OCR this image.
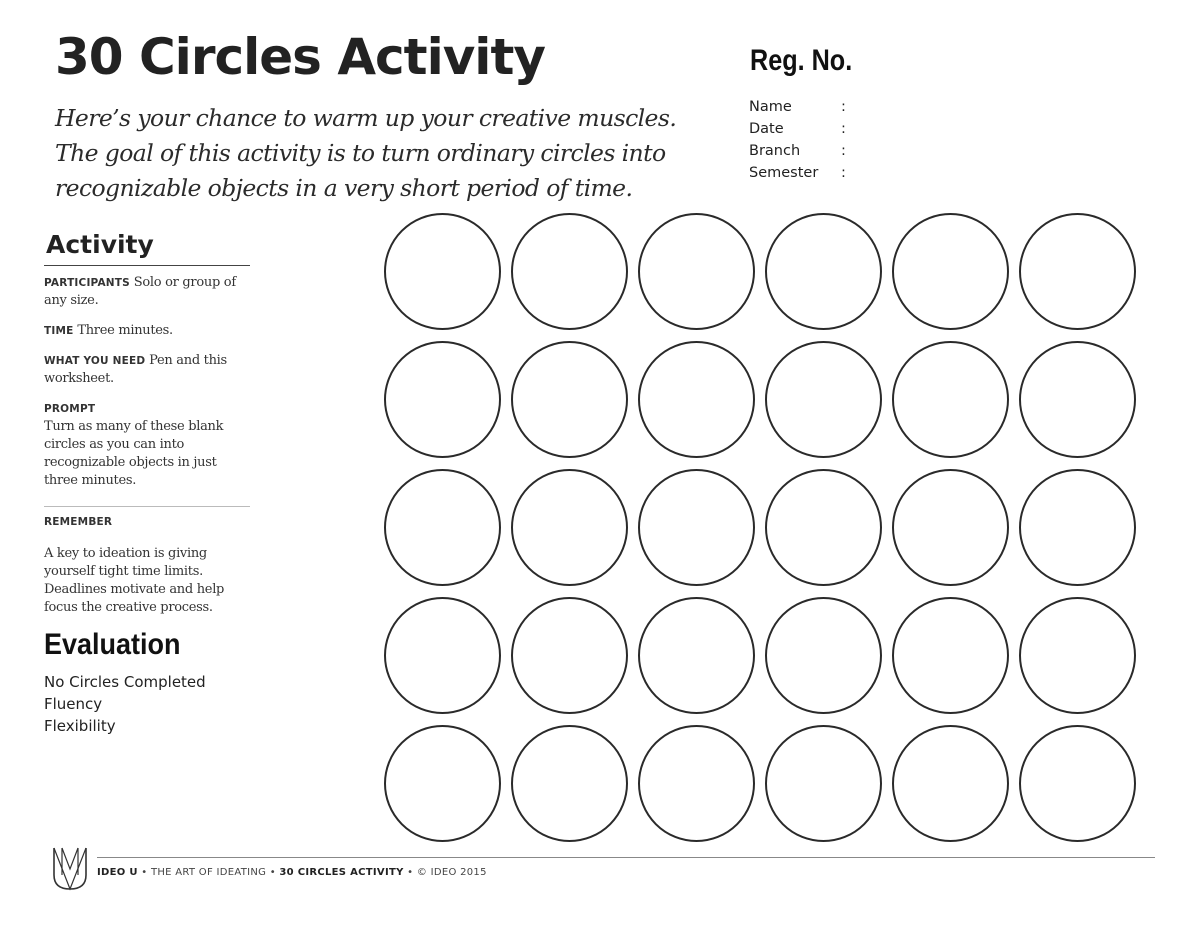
30 Circles Activity

Here’s your chance to warm up your creative muscles.
The goal of this activity is to turn ordinary circles into
recognizable objects in a very short period of time.

Reg. No.
Name	:
Date	:
Branch	:
Semester :
Activity

PARTICIPANTS Solo or group of any size.

TIME Three minutes.

WHAT YOU NEED Pen and this worksheet.

PROMPT
Turn as many of these blank circles as you can into recognizable objects in just three minutes.

REMEMBER
A key to ideation is giving yourself tight time limits. Deadlines motivate and help focus the creative process.

Evaluation
No Circles Completed
Fluency
Flexibility
IDEO U • THE ART OF IDEATING • 30 CIRCLES ACTIVITY • © IDEO 2015
